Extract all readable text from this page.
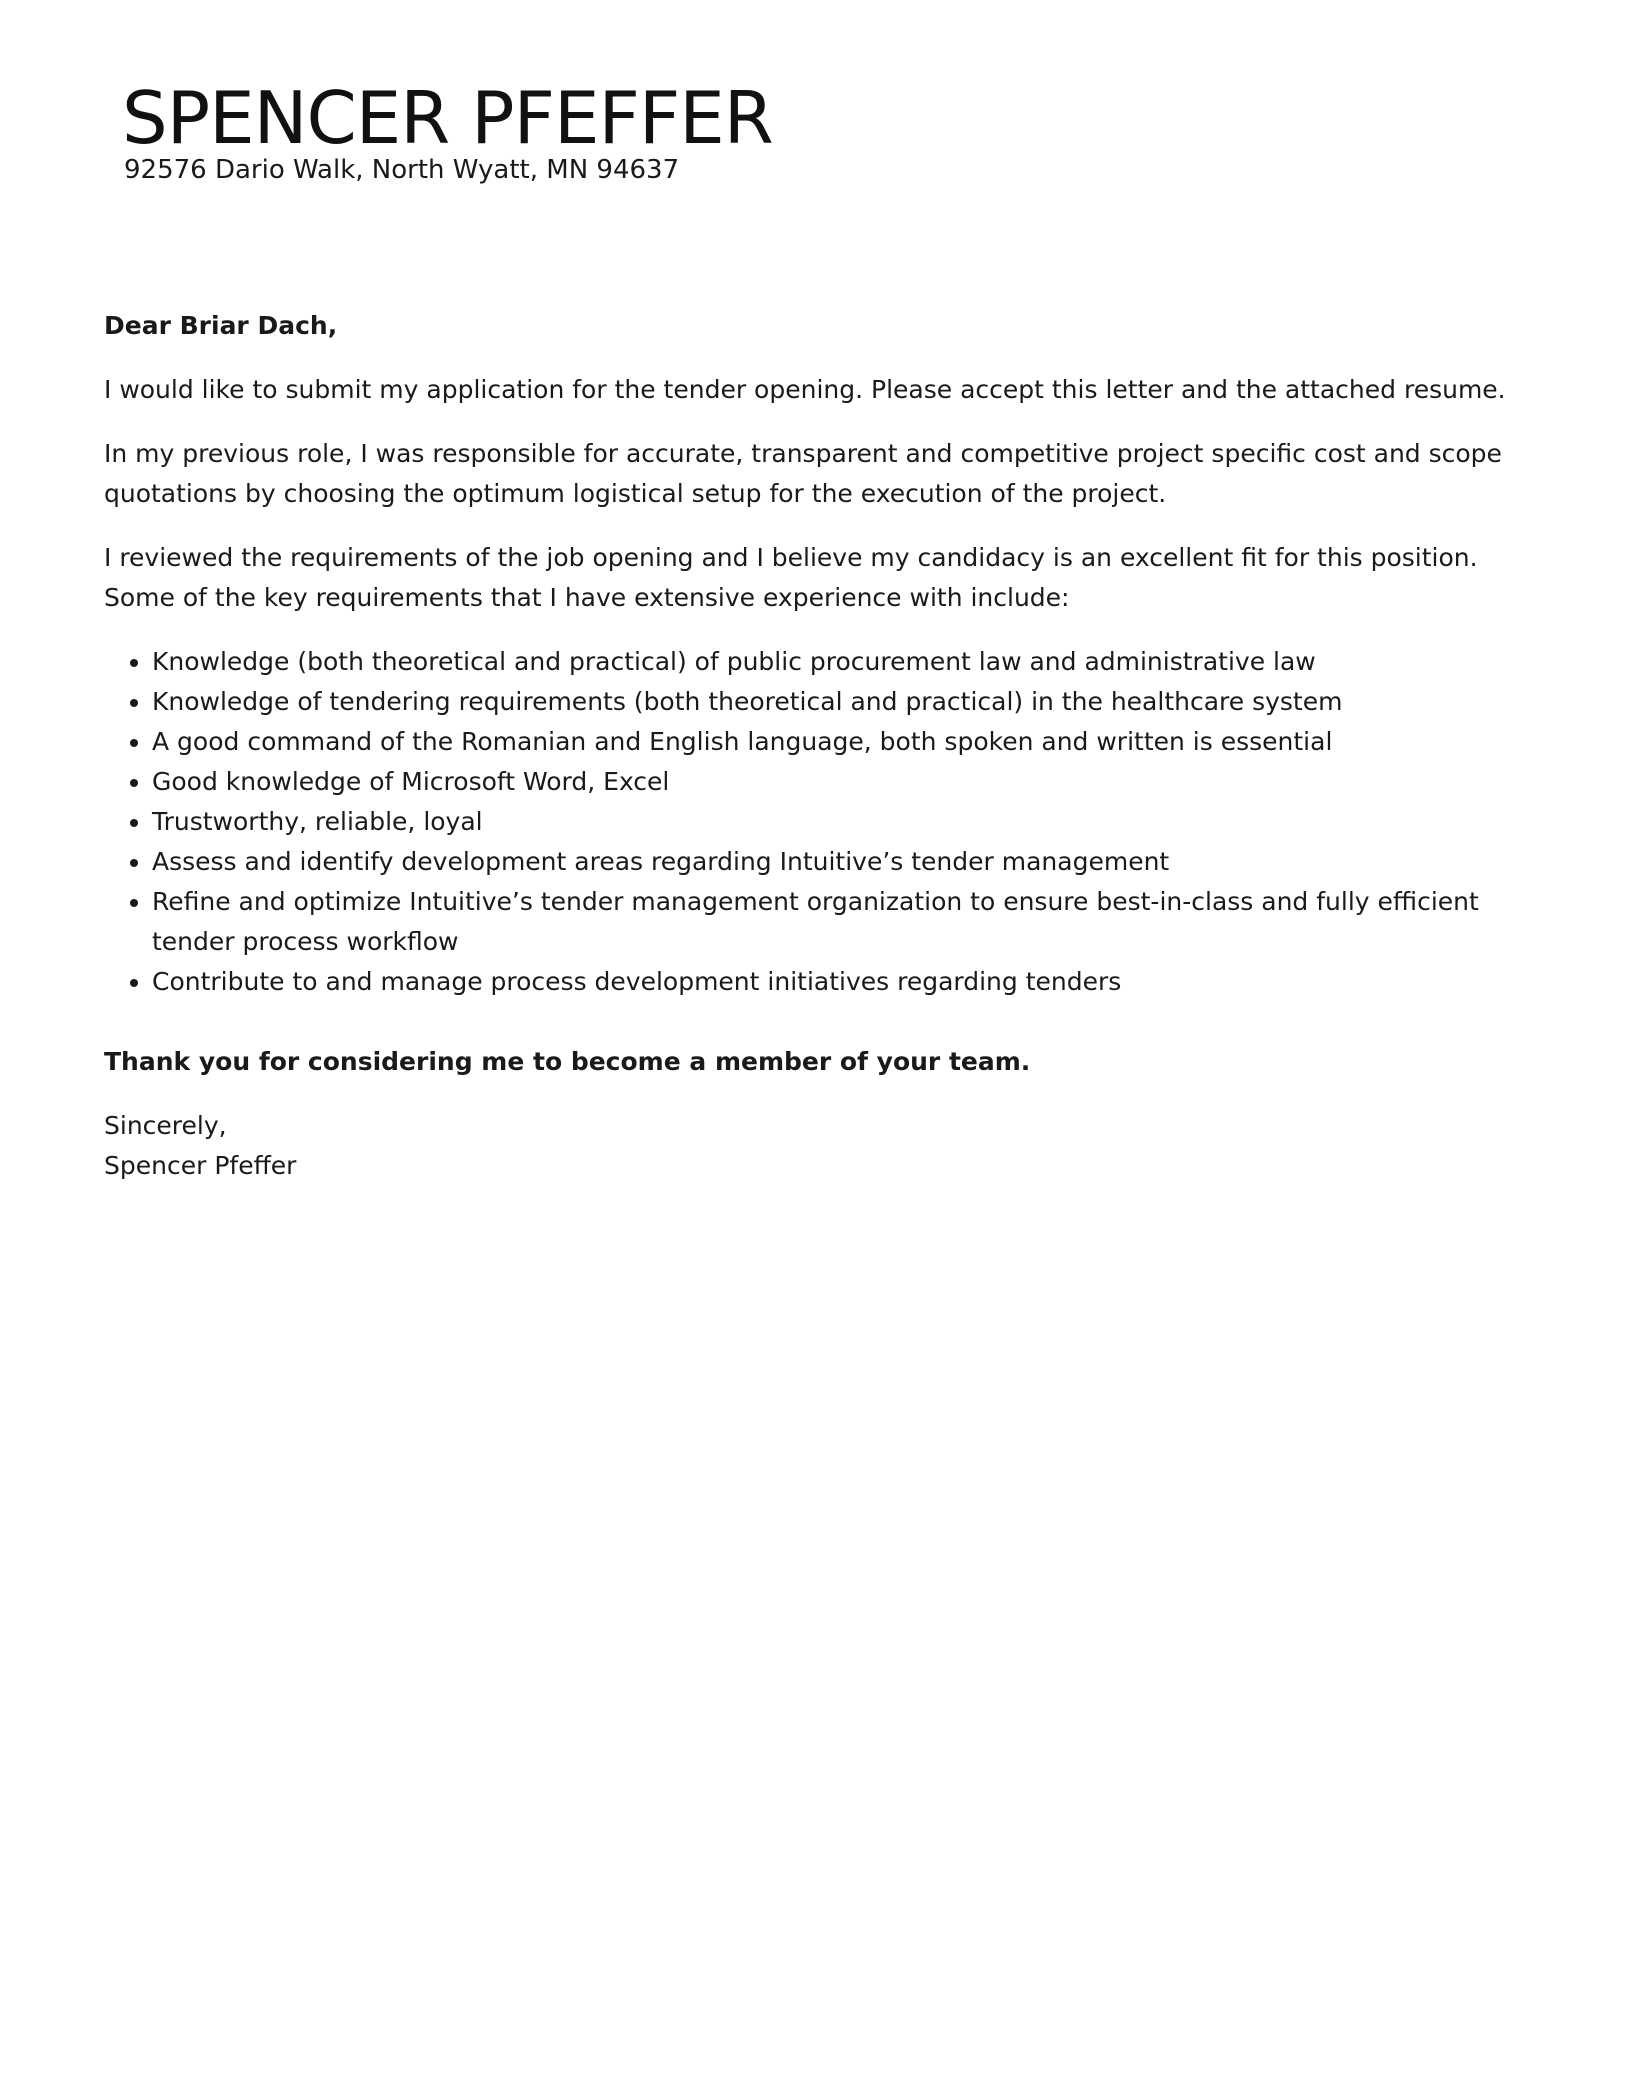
SPENCER PFEFFER
92576 Dario Walk, North Wyatt, MN 94637

Dear Briar Dach,

I would like to submit my application for the tender opening. Please accept this letter and the attached resume.

In my previous role, I was responsible for accurate, transparent and competitive project specific cost and scope quotations by choosing the optimum logistical setup for the execution of the project.

I reviewed the requirements of the job opening and I believe my candidacy is an excellent fit for this position. Some of the key requirements that I have extensive experience with include:

• Knowledge (both theoretical and practical) of public procurement law and administrative law
• Knowledge of tendering requirements (both theoretical and practical) in the healthcare system
• A good command of the Romanian and English language, both spoken and written is essential
• Good knowledge of Microsoft Word, Excel
• Trustworthy, reliable, loyal
• Assess and identify development areas regarding Intuitive’s tender management
• Refine and optimize Intuitive’s tender management organization to ensure best-in-class and fully efficient tender process workflow
• Contribute to and manage process development initiatives regarding tenders

Thank you for considering me to become a member of your team.

Sincerely,
Spencer Pfeffer
